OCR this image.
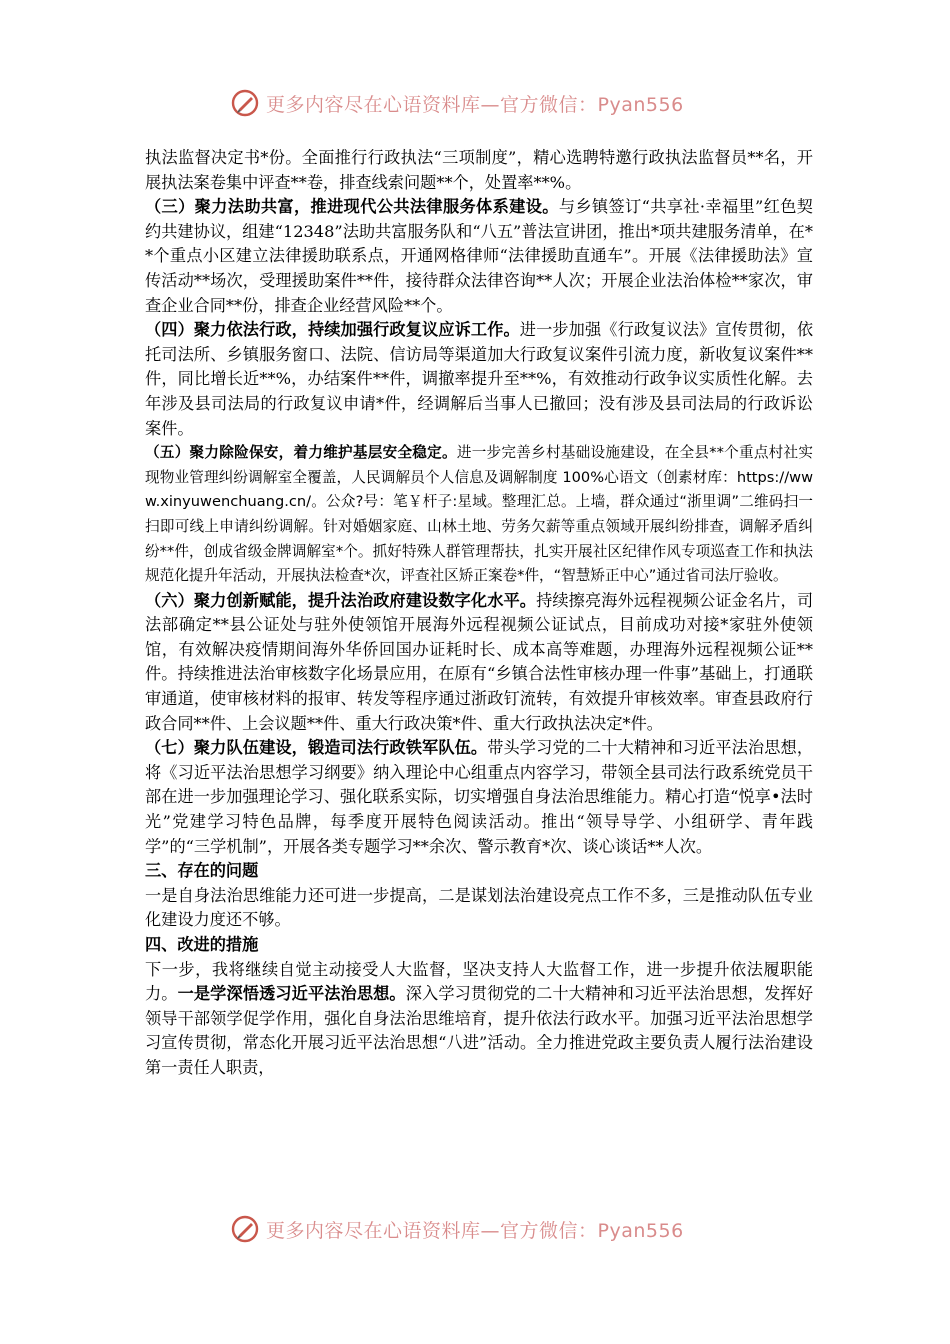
更多内容尽在心语资料库—官方微信：Pyan556

执法监督决定书*份。全面推行行政执法“三项制度”，精心选聘特邀行政执法监督员**名，开展执法案卷集中评查**卷，排查线索问题**个，处置率**%。

（三）聚力法助共富，推进现代公共法律服务体系建设。与乡镇签订“共享社·幸福里”红色契约共建协议，组建“12348”法助共富服务队和“八五”普法宣讲团，推出*项共建服务清单，在**个重点小区建立法律援助联系点，开通网格律师“法律援助直通车”。开展《法律援助法》宣传活动**场次，受理援助案件**件，接待群众法律咨询**人次；开展企业法治体检**家次，审查企业合同**份，排查企业经营风险**个。

（四）聚力依法行政，持续加强行政复议应诉工作。进一步加强《行政复议法》宣传贯彻，依托司法所、乡镇服务窗口、法院、信访局等渠道加大行政复议案件引流力度，新收复议案件**件，同比增长近**%，办结案件**件，调撤率提升至**%，有效推动行政争议实质性化解。去年涉及县司法局的行政复议申请*件，经调解后当事人已撤回；没有涉及县司法局的行政诉讼案件。

（五）聚力除险保安，着力维护基层安全稳定。进一步完善乡村基础设施建设，在全县**个重点村社实现物业管理纠纷调解室全覆盖，人民调解员个人信息及调解制度 100%心语文（创素材库：https://www.xinyuwenchuang.cn/。公众?号：笔￥杆子:星域。整理汇总。上墙，群众通过“浙里调”二维码扫一扫即可线上申请纠纷调解。针对婚姻家庭、山林土地、劳务欠薪等重点领域开展纠纷排查，调解矛盾纠纷**件，创成省级金牌调解室*个。抓好特殊人群管理帮扶，扎实开展社区纪律作风专项巡查工作和执法规范化提升年活动，开展执法检查*次，评查社区矫正案卷*件，“智慧矫正中心”通过省司法厅验收。

（六）聚力创新赋能，提升法治政府建设数字化水平。持续擦亮海外远程视频公证金名片，司法部确定**县公证处与驻外使领馆开展海外远程视频公证试点，目前成功对接*家驻外使领馆，有效解决疫情期间海外华侨回国办证耗时长、成本高等难题，办理海外远程视频公证**件。持续推进法治审核数字化场景应用，在原有“乡镇合法性审核办理一件事”基础上，打通联审通道，使审核材料的报审、转发等程序通过浙政钉流转，有效提升审核效率。审查县政府行政合同**件、上会议题**件、重大行政决策*件、重大行政执法决定*件。

（七）聚力队伍建设，锻造司法行政铁军队伍。带头学习党的二十大精神和习近平法治思想，将《习近平法治思想学习纲要》纳入理论中心组重点内容学习，带领全县司法行政系统党员干部在进一步加强理论学习、强化联系实际，切实增强自身法治思维能力。精心打造“悦享•法时光”党建学习特色品牌，每季度开展特色阅读活动。推出“领导导学、小组研学、青年践学”的“三学机制”，开展各类专题学习**余次、警示教育*次、谈心谈话**人次。

三、存在的问题

一是自身法治思维能力还可进一步提高，二是谋划法治建设亮点工作不多，三是推动队伍专业化建设力度还不够。

四、改进的措施

下一步，我将继续自觉主动接受人大监督，坚决支持人大监督工作，进一步提升依法履职能力。一是学深悟透习近平法治思想。深入学习贯彻党的二十大精神和习近平法治思想，发挥好领导干部领学促学作用，强化自身法治思维培育，提升依法行政水平。加强习近平法治思想学习宣传贯彻，常态化开展习近平法治思想“八进”活动。全力推进党政主要负责人履行法治建设第一责任人职责，

更多内容尽在心语资料库—官方微信：Pyan556
